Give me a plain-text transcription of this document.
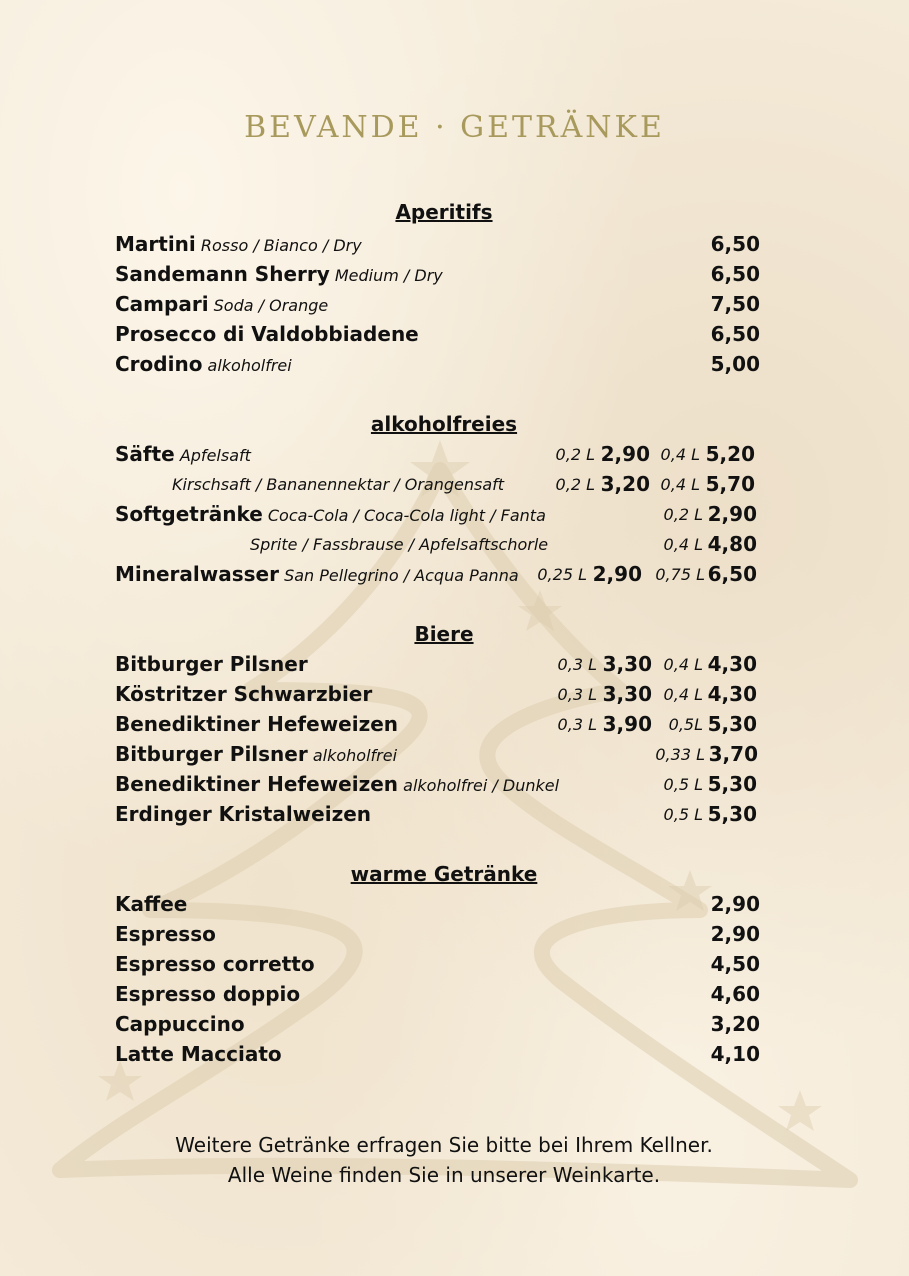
BEVANDE · GETRÄNKE
Aperitifs
Martini Rosso / Bianco / Dry	6,50
Sandemann Sherry Medium / Dry	6,50
Campari Soda / Orange	7,50
Prosecco di Valdobbiadene	6,50
Crodino alkoholfrei	5,00
alkoholfreies
Säfte Apfelsaft	0,2 L 2,90 0,4 L 5,20
Kirschsaft / Bananennektar / Orangensaft	0,2 L 3,20 0,4 L 5,70
Softgetränke Coca-Cola / Coca-Cola light / Fanta	0,2 L 2,90
Sprite / Fassbrause / Apfelsaftschorle	0,4 L 4,80
Mineralwasser San Pellegrino / Acqua Panna	0,25 L 2,90 0,75 L 6,50
Biere
Bitburger Pilsner	0,3 L 3,30 0,4 L 4,30
Köstritzer Schwarzbier	0,3 L 3,30 0,4 L 4,30
Benediktiner Hefeweizen	0,3 L 3,90	0,5L 5,30
Bitburger Pilsner alkoholfrei	0,33 L 3,70
Benediktiner Hefeweizen alkoholfrei / Dunkel	0,5 L 5,30
Erdinger Kristalweizen	0,5 L 5,30
warme Getränke
Kaffee	2,90
Espresso	2,90
Espresso corretto	4,50
Espresso doppio	4,60
Cappuccino	3,20
Latte Macciato	4,10
Weitere Getränke erfragen Sie bitte bei Ihrem Kellner.
Alle Weine finden Sie in unserer Weinkarte.
